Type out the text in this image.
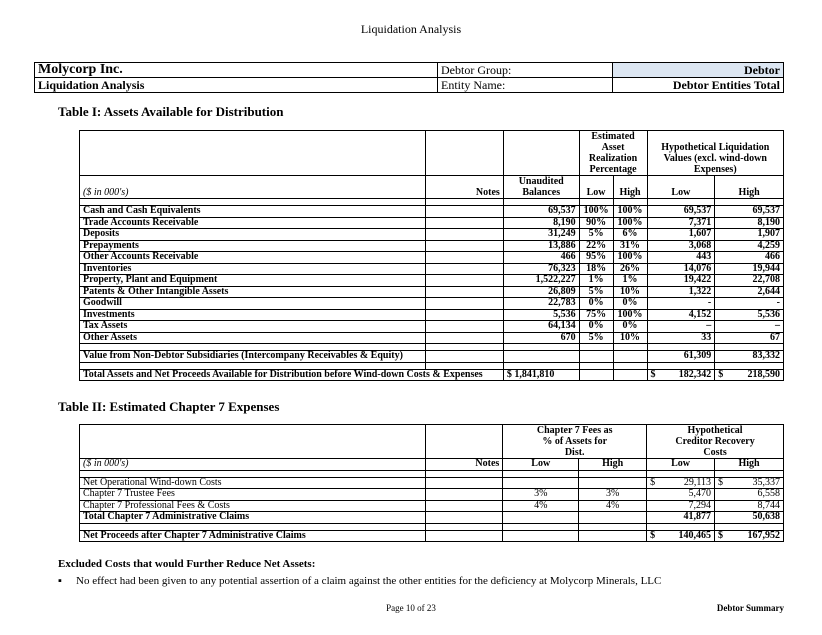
Liquidation Analysis
Molycorp Inc.	Debtor Group:	Debtor
Liquidation Analysis	Entity Name:	Debtor Entities Total
Table I: Assets Available for Distribution
			Estimated Asset Realization Percentage		Hypothetical Liquidation Values (excl. wind-down Expenses)	
($ in 000's)	Notes	Unaudited Balances	Low	High	Low	High

Cash and Cash Equivalents		69,537	100%	100%	69,537	69,537
Trade Accounts Receivable		8,190	90%	100%	7,371	8,190
Deposits		31,249	5%	6%	1,607	1,907
Prepayments		13,886	22%	31%	3,068	4,259
Other Accounts Receivable		466	95%	100%	443	466
Inventories		76,323	18%	26%	14,076	19,944
Property, Plant and Equipment		1,522,227	1%	1%	19,422	22,708
Patents & Other Intangible Assets		26,809	5%	10%	1,322	2,644
Goodwill		22,783	0%	0%	-	-
Investments		5,536	75%	100%	4,152	5,536
Tax Assets		64,134	0%	0%	–	–
Other Assets		670	5%	10%	33	67

Value from Non-Debtor Subsidiaries (Intercompany Receivables & Equity)					61,309	83,332

Total Assets and Net Proceeds Available for Distribution before Wind-down Costs & Expenses		$ 1,841,810			$ 182,342	$ 218,590
Table II: Estimated Chapter 7 Expenses
		Chapter 7 Fees as % of Assets for Dist.		Hypothetical Creditor Recovery Costs	
($ in 000's)	Notes	Low	High	Low	High

Net Operational Wind-down Costs				$ 29,113	$ 35,337

Chapter 7 Trustee Fees		3%	3%	5,470	6,558

Chapter 7 Professional Fees & Costs		4%	4%	7,294	8,744

Total Chapter 7 Administrative Claims				41,877	50,638

Net Proceeds after Chapter 7 Administrative Claims				$ 140,465	$ 167,952
Excluded Costs that would Further Reduce Net Assets:
▪ No effect had been given to any potential assertion of a claim against the other entities for the deficiency at Molycorp Minerals, LLC
Page 10 of 23	Debtor Summary
